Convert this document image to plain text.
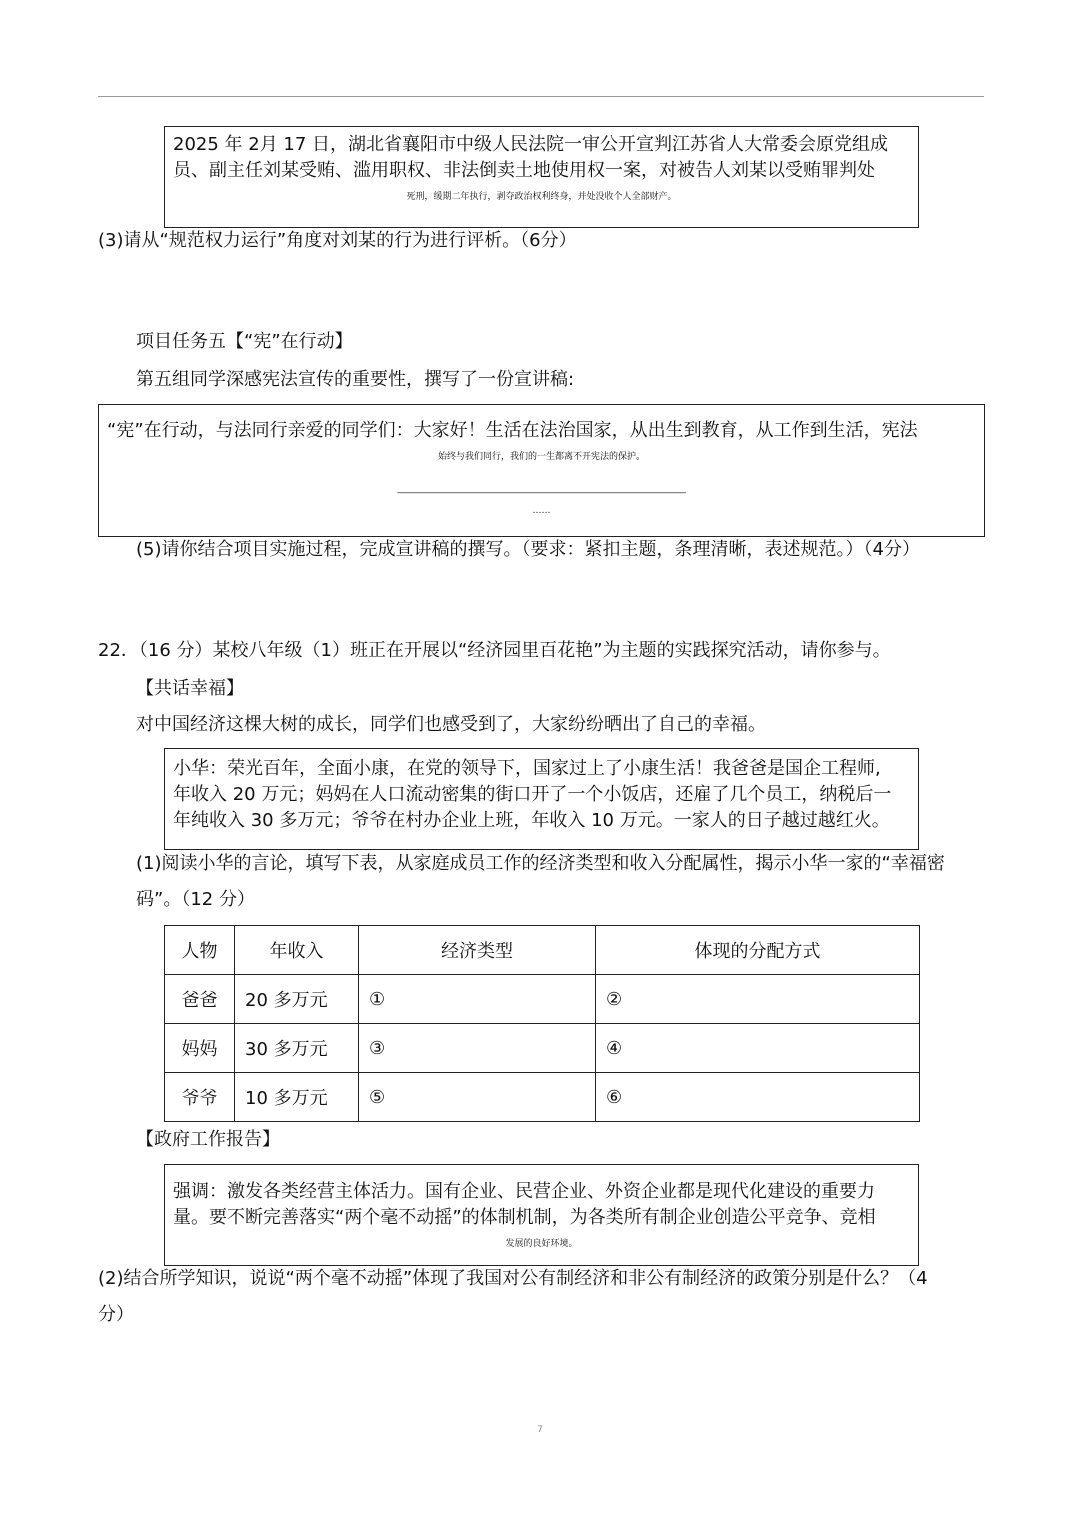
2025 年 2月 17 日，湖北省襄阳市中级人民法院一审公开宣判江苏省人大常委会原党组成
员、副主任刘某受贿、滥用职权、非法倒卖土地使用权一案，对被告人刘某以受贿罪判处
死刑，缓期二年执行，剥夺政治权利终身，并处没收个人全部财产。
(3)请从“规范权力运行”角度对刘某的行为进行评析。（6分）
项目任务五【“宪”在行动】
第五组同学深感宪法宣传的重要性，撰写了一份宣讲稿:
“宪”在行动，与法同行亲爱的同学们：大家好！生活在法治国家，从出生到教育，从工作到生活，宪法
始终与我们同行，我们的一生都离不开宪法的保护。
________________________________________________________________________
……
(5)请你结合项目实施过程，完成宣讲稿的撰写。（要求：紧扣主题，条理清晰，表述规范。）（4分）
22．（16 分）某校八年级（1）班正在开展以“经济园里百花艳”为主题的实践探究活动，请你参与。
【共话幸福】
对中国经济这棵大树的成长，同学们也感受到了，大家纷纷晒出了自己的幸福。
小华：荣光百年，全面小康，在党的领导下，国家过上了小康生活！我爸爸是国企工程师,
年收入 20 万元；妈妈在人口流动密集的街口开了一个小饭店，还雇了几个员工，纳税后一
年纯收入 30 多万元；爷爷在村办企业上班，年收入 10 万元。一家人的日子越过越红火。
(1)阅读小华的言论，填写下表，从家庭成员工作的经济类型和收入分配属性，揭示小华一家的“幸福密
码”。（12 分）
人物	年收入	经济类型	体现的分配方式
爸爸	20 多万元	①	②
妈妈	30 多万元	③	④
爷爷	10 多万元	⑤	⑥
【政府工作报告】
强调：激发各类经营主体活力。国有企业、民营企业、外资企业都是现代化建设的重要力
量。要不断完善落实“两个毫不动摇”的体制机制，为各类所有制企业创造公平竞争、竞相
发展的良好环境。
(2)结合所学知识，说说“两个毫不动摇”体现了我国对公有制经济和非公有制经济的政策分别是什么？（4
分）
7
